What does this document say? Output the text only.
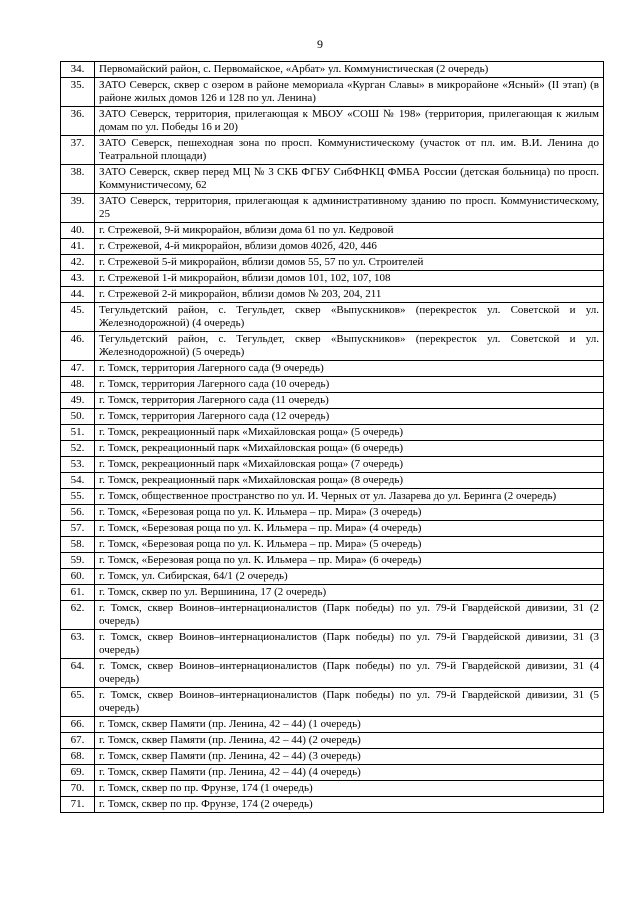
9
34.	Первомайский район, с. Первомайское, «Арбат» ул. Коммунистическая (2 очередь)
35.	ЗАТО Северск, сквер с озером в районе мемориала «Курган Славы» в микрорайоне «Ясный» (II этап) (в районе жилых домов 126 и 128 по ул. Ленина)
36.	ЗАТО Северск, территория, прилегающая к МБОУ «СОШ № 198» (территория, прилегающая к жилым домам по ул. Победы 16 и 20)
37.	ЗАТО Северск, пешеходная зона по просп. Коммунистическому (участок от пл. им. В.И. Ленина до Театральной площади)
38.	ЗАТО Северск, сквер перед МЦ № 3 СКБ ФГБУ СибФНКЦ ФМБА России (детская больница) по просп. Коммунистичесому, 62
39.	ЗАТО Северск, территория, прилегающая к административному зданию по просп. Коммунистическому, 25
40.	г. Стрежевой, 9-й микрорайон, вблизи дома 61 по ул. Кедровой
41.	г. Стрежевой, 4-й микрорайон, вблизи домов 402б, 420, 446
42.	г. Стрежевой 5-й микрорайон, вблизи домов 55, 57 по ул. Строителей
43.	г. Стрежевой 1-й микрорайон, вблизи домов 101, 102, 107, 108
44.	г. Стрежевой 2-й микрорайон, вблизи домов № 203, 204, 211
45.	Тегульдетский район, с. Тегульдет, сквер «Выпускников» (перекресток ул. Советской и ул. Железнодорожной) (4 очередь)
46.	Тегульдетский район, с. Тегульдет, сквер «Выпускников» (перекресток ул. Советской и ул. Железнодорожной) (5 очередь)
47.	г. Томск, территория Лагерного сада (9 очередь)
48.	г. Томск, территория Лагерного сада (10 очередь)
49.	г. Томск, территория Лагерного сада (11 очередь)
50.	г. Томск, территория Лагерного сада (12 очередь)
51.	г. Томск, рекреационный парк «Михайловская роща» (5 очередь)
52.	г. Томск, рекреационный парк «Михайловская роща» (6 очередь)
53.	г. Томск, рекреационный парк «Михайловская роща» (7 очередь)
54.	г. Томск, рекреационный парк «Михайловская роща» (8 очередь)
55.	г. Томск, общественное пространство по ул. И. Черных от ул. Лазарева до ул. Беринга (2 очередь)
56.	г. Томск, «Березовая роща по ул. К. Ильмера – пр. Мира» (3 очередь)
57.	г. Томск, «Березовая роща по ул. К. Ильмера – пр. Мира» (4 очередь)
58.	г. Томск, «Березовая роща по ул. К. Ильмера – пр. Мира» (5 очередь)
59.	г. Томск, «Березовая роща по ул. К. Ильмера – пр. Мира» (6 очередь)
60.	г. Томск, ул. Сибирская, 64/1 (2 очередь)
61.	г. Томск, сквер по ул. Вершинина, 17 (2 очередь)
62.	г. Томск, сквер Воинов–интернационалистов (Парк победы) по ул. 79-й Гвардейской дивизии, 31 (2 очередь)
63.	г. Томск, сквер Воинов–интернационалистов (Парк победы) по ул. 79-й Гвардейской дивизии, 31 (3 очередь)
64.	г. Томск, сквер Воинов–интернационалистов (Парк победы) по ул. 79-й Гвардейской дивизии, 31 (4 очередь)
65.	г. Томск, сквер Воинов–интернационалистов (Парк победы) по ул. 79-й Гвардейской дивизии, 31 (5 очередь)
66.	г. Томск, сквер Памяти (пр. Ленина, 42 – 44) (1 очередь)
67.	г. Томск, сквер Памяти (пр. Ленина, 42 – 44) (2 очередь)
68.	г. Томск, сквер Памяти (пр. Ленина, 42 – 44) (3 очередь)
69.	г. Томск, сквер Памяти (пр. Ленина, 42 – 44) (4 очередь)
70.	г. Томск, сквер по пр. Фрунзе, 174 (1 очередь)
71.	г. Томск, сквер по пр. Фрунзе, 174 (2 очередь)
